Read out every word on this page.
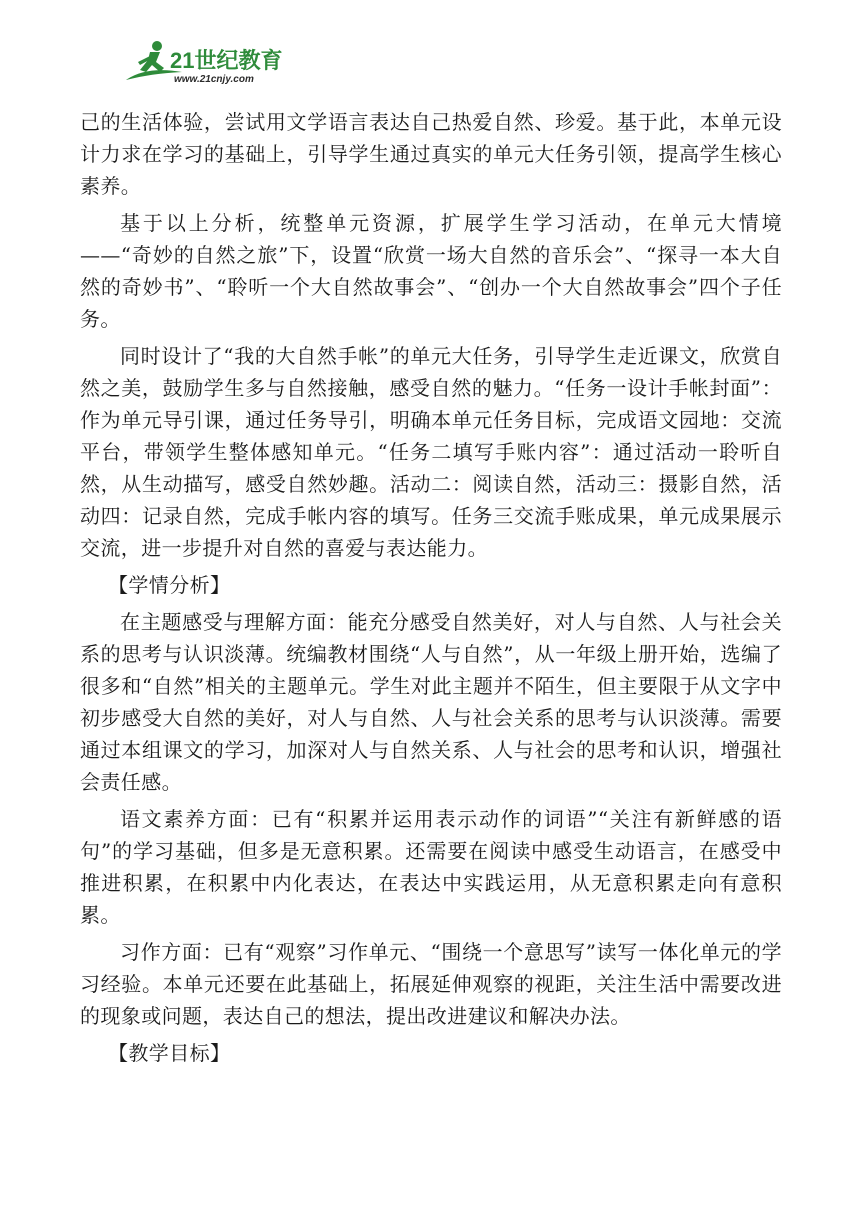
21世纪教育
www.21cnjy.com

己的生活体验，尝试用文学语言表达自己热爱自然、珍爱。基于此，本单元设计力求在学习的基础上，引导学生通过真实的单元大任务引领，提高学生核心素养。

基于以上分析，统整单元资源，扩展学生学习活动，在单元大情境——“奇妙的自然之旅”下，设置“欣赏一场大自然的音乐会”、“探寻一本大自然的奇妙书”、“聆听一个大自然故事会”、“创办一个大自然故事会”四个子任务。

同时设计了“我的大自然手帐”的单元大任务，引导学生走近课文，欣赏自然之美，鼓励学生多与自然接触，感受自然的魅力。“任务一设计手帐封面”：作为单元导引课，通过任务导引，明确本单元任务目标，完成语文园地：交流平台，带领学生整体感知单元。“任务二填写手账内容”：通过活动一聆听自然，从生动描写，感受自然妙趣。活动二：阅读自然，活动三：摄影自然，活动四：记录自然，完成手帐内容的填写。任务三交流手账成果，单元成果展示交流，进一步提升对自然的喜爱与表达能力。

【学情分析】

在主题感受与理解方面：能充分感受自然美好，对人与自然、人与社会关系的思考与认识淡薄。统编教材围绕“人与自然”，从一年级上册开始，选编了很多和“自然”相关的主题单元。学生对此主题并不陌生，但主要限于从文字中初步感受大自然的美好，对人与自然、人与社会关系的思考与认识淡薄。需要通过本组课文的学习，加深对人与自然关系、人与社会的思考和认识，增强社会责任感。

语文素养方面：已有“积累并运用表示动作的词语”“关注有新鲜感的语句”的学习基础，但多是无意积累。还需要在阅读中感受生动语言，在感受中推进积累，在积累中内化表达，在表达中实践运用，从无意积累走向有意积累。

习作方面：已有“观察”习作单元、“围绕一个意思写”读写一体化单元的学习经验。本单元还要在此基础上，拓展延伸观察的视距，关注生活中需要改进的现象或问题，表达自己的想法，提出改进建议和解决办法。

【教学目标】
